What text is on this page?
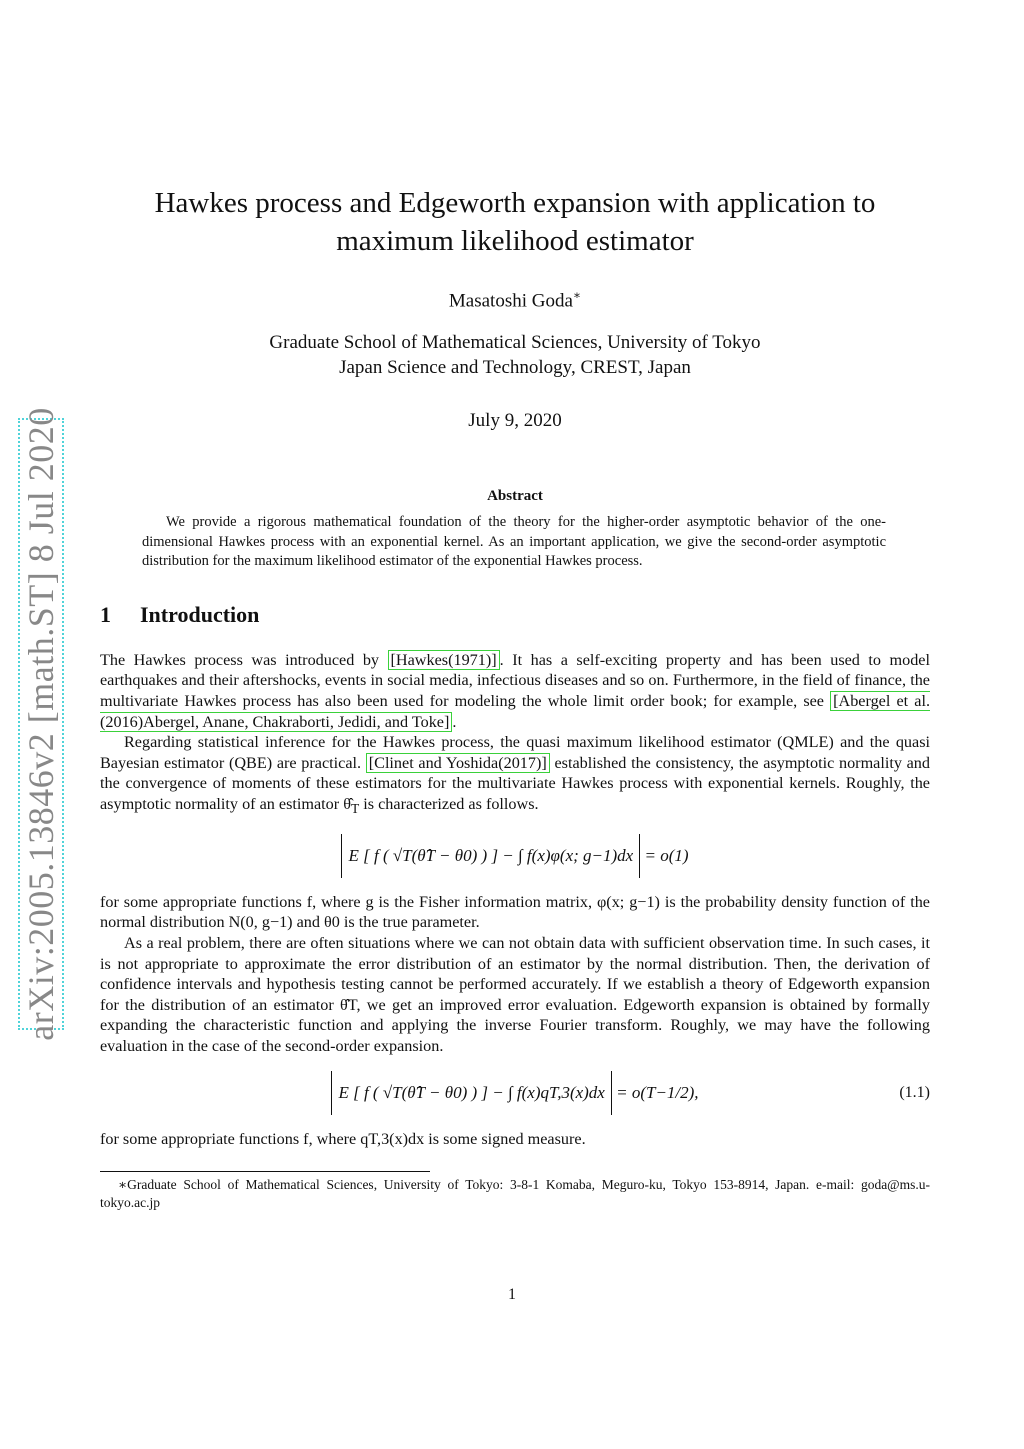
arXiv:2005.13846v2 [math.ST] 8 Jul 2020
Hawkes process and Edgeworth expansion with application to
maximum likelihood estimator
Masatoshi Goda∗
Graduate School of Mathematical Sciences, University of Tokyo
Japan Science and Technology, CREST, Japan
July 9, 2020
Abstract
We provide a rigorous mathematical foundation of the theory for the higher-order asymptotic behavior of the one-dimensional Hawkes process with an exponential kernel. As an important application, we give the second-order asymptotic distribution for the maximum likelihood estimator of the exponential Hawkes process.
1 Introduction

The Hawkes process was introduced by [Hawkes(1971)] . It has a self-exciting property and has been used to model earthquakes and their aftershocks, events in social media, infectious diseases and so on. Furthermore, in the field of finance, the multivariate Hawkes process has also been used for modeling the whole limit order book; for example, see [Abergel et al.(2016)Abergel, Anane, Chakraborti, Jedidi, and Toke] .

Regarding statistical inference for the Hawkes process, the quasi maximum likelihood estimator (QMLE) and the quasi Bayesian estimator (QBE) are practical. [Clinet and Yoshida(2017)] established the consistency, the asymptotic normality and the convergence of moments of these estimators for the multivariate Hawkes process with exponential kernels. Roughly, the asymptotic normality of an estimator $\thetâ_T$ is characterized as follows.

E [ f ( √T(θ̂T − θ0) ) ] − ∫ f(x)φ(x; g−1)dx = o(1)

for some appropriate functions f, where g is the Fisher information matrix, φ(x; g−1) is the probability density function of the normal distribution N(0, g−1) and θ0 is the true parameter.

As a real problem, there are often situations where we can not obtain data with sufficient observation time. In such cases, it is not appropriate to approximate the error distribution of an estimator by the normal distribution. Then, the derivation of confidence intervals and hypothesis testing cannot be performed accurately. If we establish a theory of Edgeworth expansion for the distribution of an estimator θ̂T, we get an improved error evaluation. Edgeworth expansion is obtained by formally expanding the characteristic function and applying the inverse Fourier transform. Roughly, we may have the following evaluation in the case of the second-order expansion.

E [ f ( √T(θ̂T − θ0) ) ] − ∫ f(x)qT,3(x)dx = o(T−1/2),	(1.1)

for some appropriate functions f, where qT,3(x)dx is some signed measure.

∗Graduate School of Mathematical Sciences, University of Tokyo: 3-8-1 Komaba, Meguro-ku, Tokyo 153-8914, Japan. e-mail: goda@ms.u-tokyo.ac.jp
1
